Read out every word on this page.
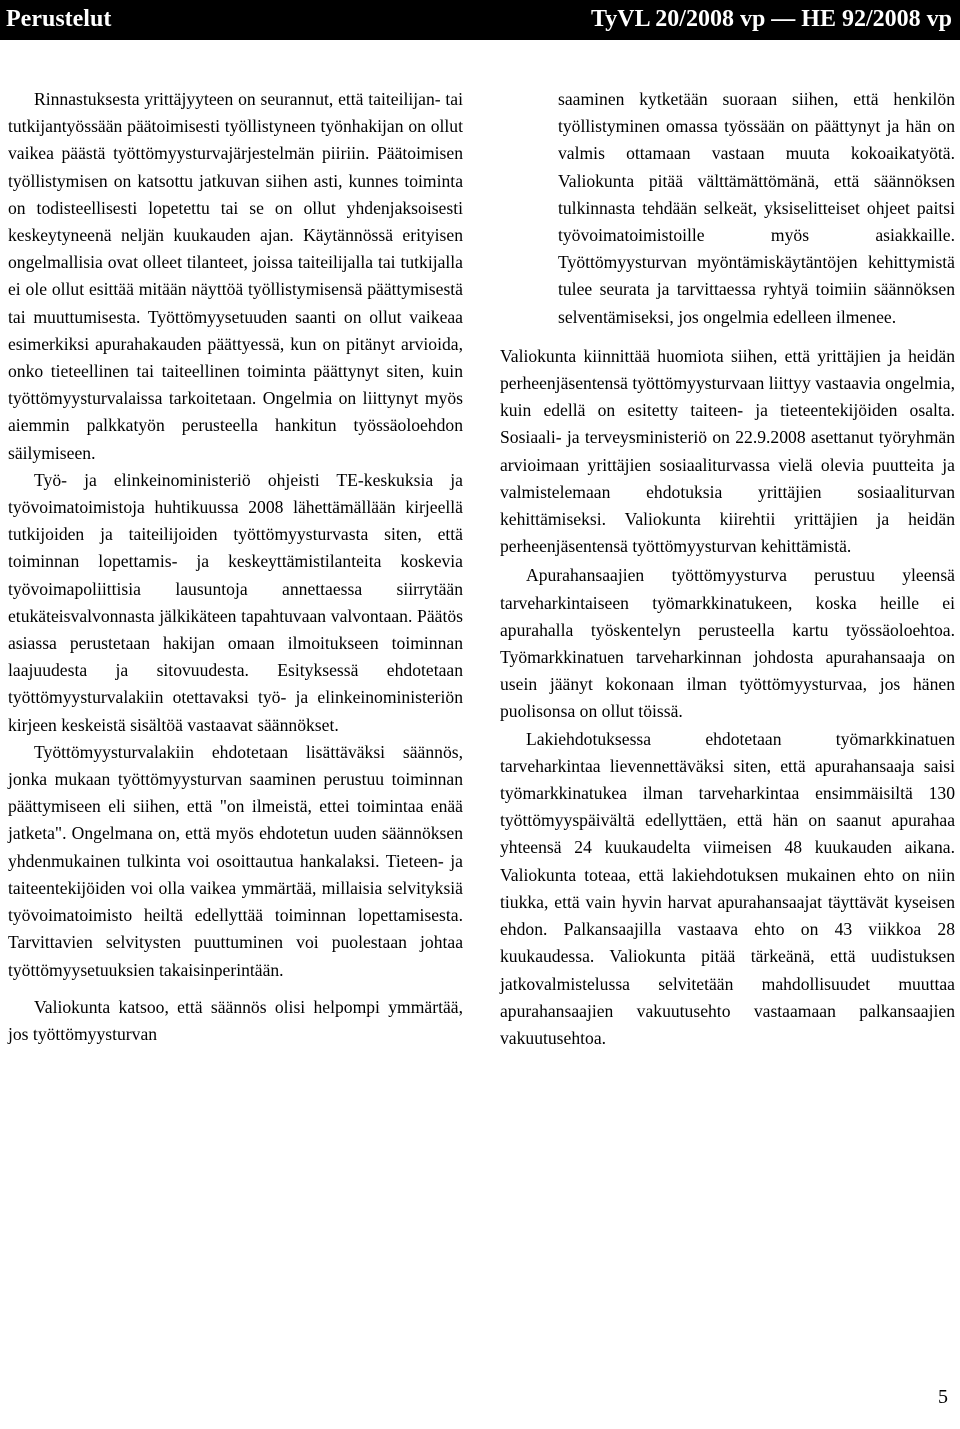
Perustelut	TyVL 20/2008 vp — HE 92/2008 vp

Rinnastuksesta yrittäjyyteen on seurannut, että taiteilijan- tai tutkijantyössään päätoimisesti työllistyneen työnhakijan on ollut vaikea päästä työttömyysturvajärjestelmän piiriin. Päätoimisen työllistymisen on katsottu jatkuvan siihen asti, kunnes toiminta on todisteellisesti lopetettu tai se on ollut yhdenjaksoisesti keskeytyneenä neljän kuukauden ajan. Käytännössä erityisen ongelmallisia ovat olleet tilanteet, joissa taiteilijalla tai tutkijalla ei ole ollut esittää mitään näyttöä työllistymisensä päättymisestä tai muuttumisesta. Työttömyysetuuden saanti on ollut vaikeaa esimerkiksi apurahakauden päättyessä, kun on pitänyt arvioida, onko tieteellinen tai taiteellinen toiminta päättynyt siten, kuin työttömyysturvalaissa tarkoitetaan. Ongelmia on liittynyt myös aiemmin palkkatyön perusteella hankitun työssäoloehdon säilymiseen.

Työ- ja elinkeinoministeriö ohjeisti TE-keskuksia ja työvoimatoimistoja huhtikuussa 2008 lähettämällään kirjeellä tutkijoiden ja taiteilijoiden työttömyysturvasta siten, että toiminnan lopettamis- ja keskeyttämistilanteita koskevia työvoimapoliittisia lausuntoja annettaessa siirrytään etukäteisvalvonnasta jälkikäteen tapahtuvaan valvontaan. Päätös asiassa perustetaan hakijan omaan ilmoitukseen toiminnan laajuudesta ja sitovuudesta. Esityksessä ehdotetaan työttömyysturvalakiin otettavaksi työ- ja elinkeinoministeriön kirjeen keskeistä sisältöä vastaavat säännökset.

Työttömyysturvalakiin ehdotetaan lisättäväksi säännös, jonka mukaan työttömyysturvan saaminen perustuu toiminnan päättymiseen eli siihen, että "on ilmeistä, ettei toimintaa enää jatketa". Ongelmana on, että myös ehdotetun uuden säännöksen yhdenmukainen tulkinta voi osoittautua hankalaksi. Tieteen- ja taiteentekijöiden voi olla vaikea ymmärtää, millaisia selvityksiä työvoimatoimisto heiltä edellyttää toiminnan lopettamisesta. Tarvittavien selvitysten puuttuminen voi puolestaan johtaa työttömyysetuuksien takaisinperintään.

Valiokunta katsoo, että säännös olisi helpompi ymmärtää, jos työttömyysturvan

saaminen kytketään suoraan siihen, että henkilön työllistyminen omassa työssään on päättynyt ja hän on valmis ottamaan vastaan muuta kokoaikatyötä. Valiokunta pitää välttämättömänä, että säännöksen tulkinnasta tehdään selkeät, yksiselitteiset ohjeet paitsi työvoimatoimistoille myös asiakkaille. Työttömyysturvan myöntämiskäytäntöjen kehittymistä tulee seurata ja tarvittaessa ryhtyä toimiin säännöksen selventämiseksi, jos ongelmia edelleen ilmenee.

Valiokunta kiinnittää huomiota siihen, että yrittäjien ja heidän perheenjäsentensä työttömyysturvaan liittyy vastaavia ongelmia, kuin edellä on esitetty taiteen- ja tieteentekijöiden osalta. Sosiaali- ja terveysministeriö on 22.9.2008 asettanut työryhmän arvioimaan yrittäjien sosiaaliturvassa vielä olevia puutteita ja valmistelemaan ehdotuksia yrittäjien sosiaaliturvan kehittämiseksi. Valiokunta kiirehtii yrittäjien ja heidän perheenjäsentensä työttömyysturvan kehittämistä.

Apurahansaajien työttömyysturva perustuu yleensä tarveharkintaiseen työmarkkinatukeen, koska heille ei apurahalla työskentelyn perusteella kartu työssäoloehtoa. Työmarkkinatuen tarveharkinnan johdosta apurahansaaja on usein jäänyt kokonaan ilman työttömyysturvaa, jos hänen puolisonsa on ollut töissä.

Lakiehdotuksessa ehdotetaan työmarkkinatuen tarveharkintaa lievennettäväksi siten, että apurahansaaja saisi työmarkkinatukea ilman tarveharkintaa ensimmäisiltä 130 työttömyyspäivältä edellyttäen, että hän on saanut apurahaa yhteensä 24 kuukaudelta viimeisen 48 kuukauden aikana. Valiokunta toteaa, että lakiehdotuksen mukainen ehto on niin tiukka, että vain hyvin harvat apurahansaajat täyttävät kyseisen ehdon. Palkansaajilla vastaava ehto on 43 viikkoa 28 kuukaudessa. Valiokunta pitää tärkeänä, että uudistuksen jatkovalmistelussa selvitetään mahdollisuudet muuttaa apurahansaajien vakuutusehto vastaamaan palkansaajien vakuutusehtoa.

5
